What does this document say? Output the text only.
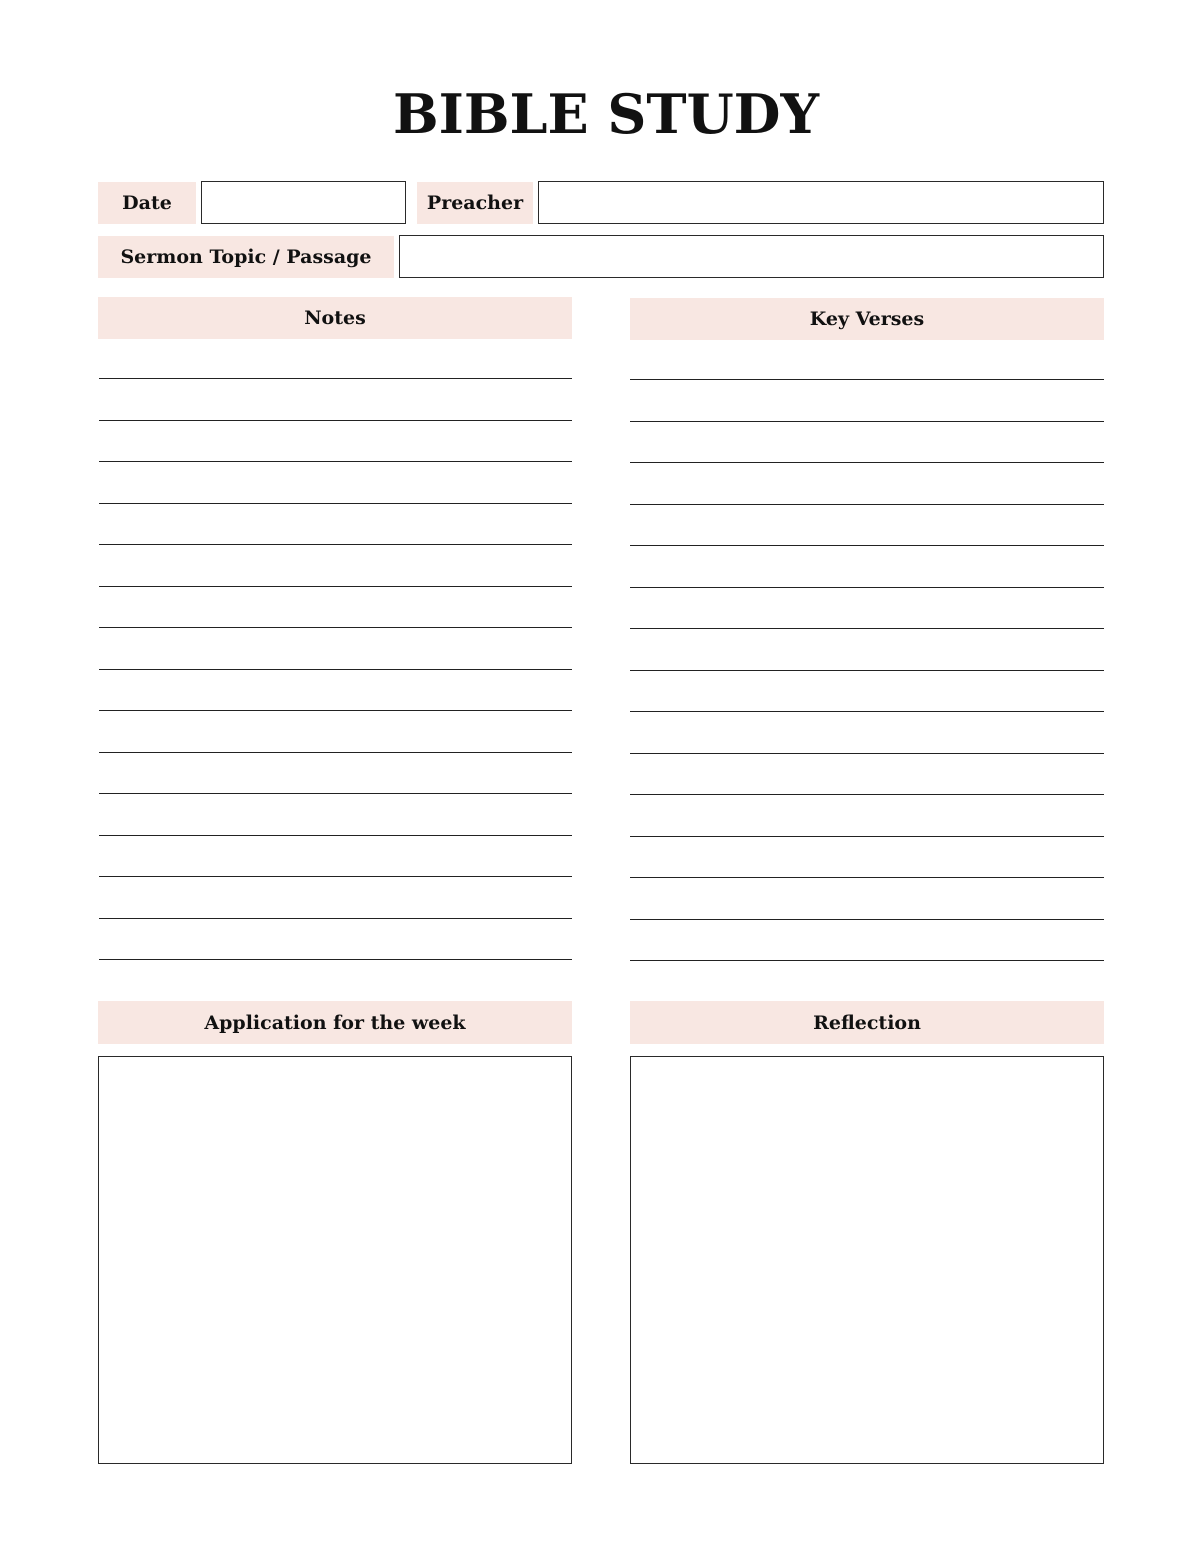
BIBLE STUDY
Date	Preacher
Sermon Topic / Passage
Notes	Key Verses
Application for the week	Reflection
